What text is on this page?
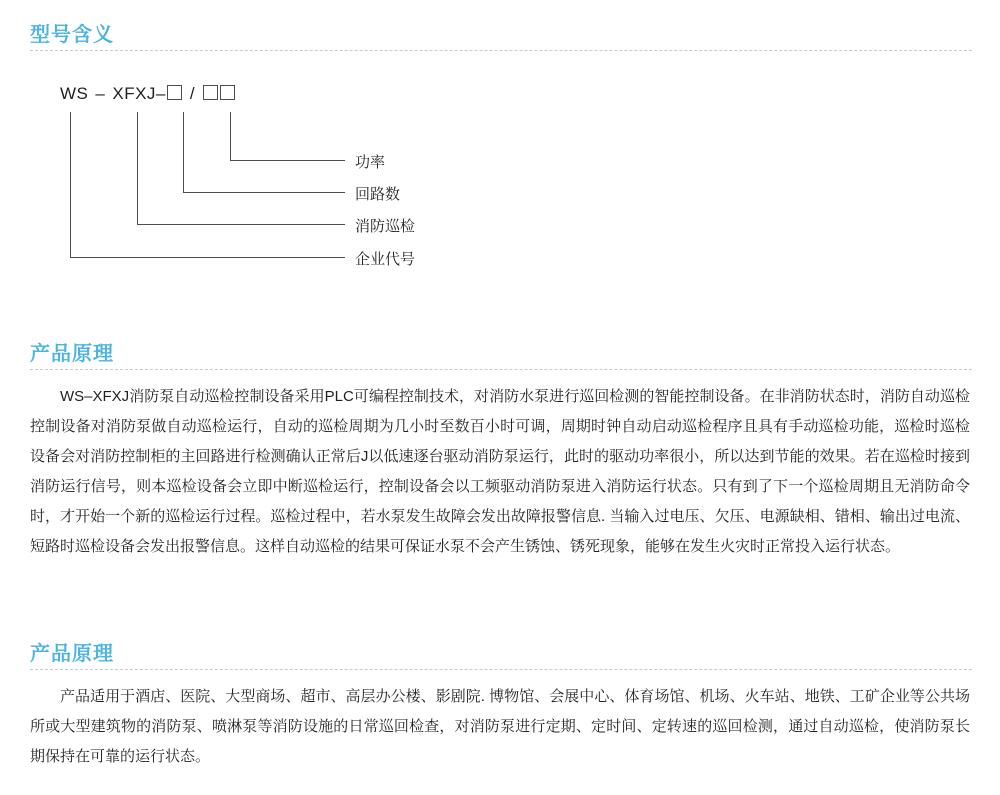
型号含义
WS – XFXJ– /
功率
回路数
消防巡检
企业代号
产品原理
WS–XFXJ消防泵自动巡检控制设备采用PLC可编程控制技术，对消防水泵进行巡回检测的智能控制设备。在非消防状态时，消防自动巡检控制设备对消防泵做自动巡检运行，自动的巡检周期为几小时至数百小时可调，周期时钟自动启动巡检程序且具有手动巡检功能，巡检时巡检设备会对消防控制柜的主回路进行检测确认正常后J以低速逐台驱动消防泵运行，此时的驱动功率很小，所以达到节能的效果。若在巡检时接到消防运行信号，则本巡检设备会立即中断巡检运行，控制设备会以工频驱动消防泵进入消防运行状态。只有到了下一个巡检周期且无消防命令时，才开始一个新的巡检运行过程。巡检过程中，若水泵发生故障会发出故障报警信息. 当输入过电压、欠压、电源缺相、错相、输出过电流、短路时巡检设备会发出报警信息。这样自动巡检的结果可保证水泵不会产生锈蚀、锈死现象，能够在发生火灾时正常投入运行状态。
产品原理
产品适用于酒店、医院、大型商场、超市、高层办公楼、影剧院. 博物馆、会展中心、体育场馆、机场、火车站、地铁、工矿企业等公共场所或大型建筑物的消防泵、喷淋泵等消防设施的日常巡回检查，对消防泵进行定期、定时间、定转速的巡回检测，通过自动巡检，使消防泵长期保持在可靠的运行状态。
